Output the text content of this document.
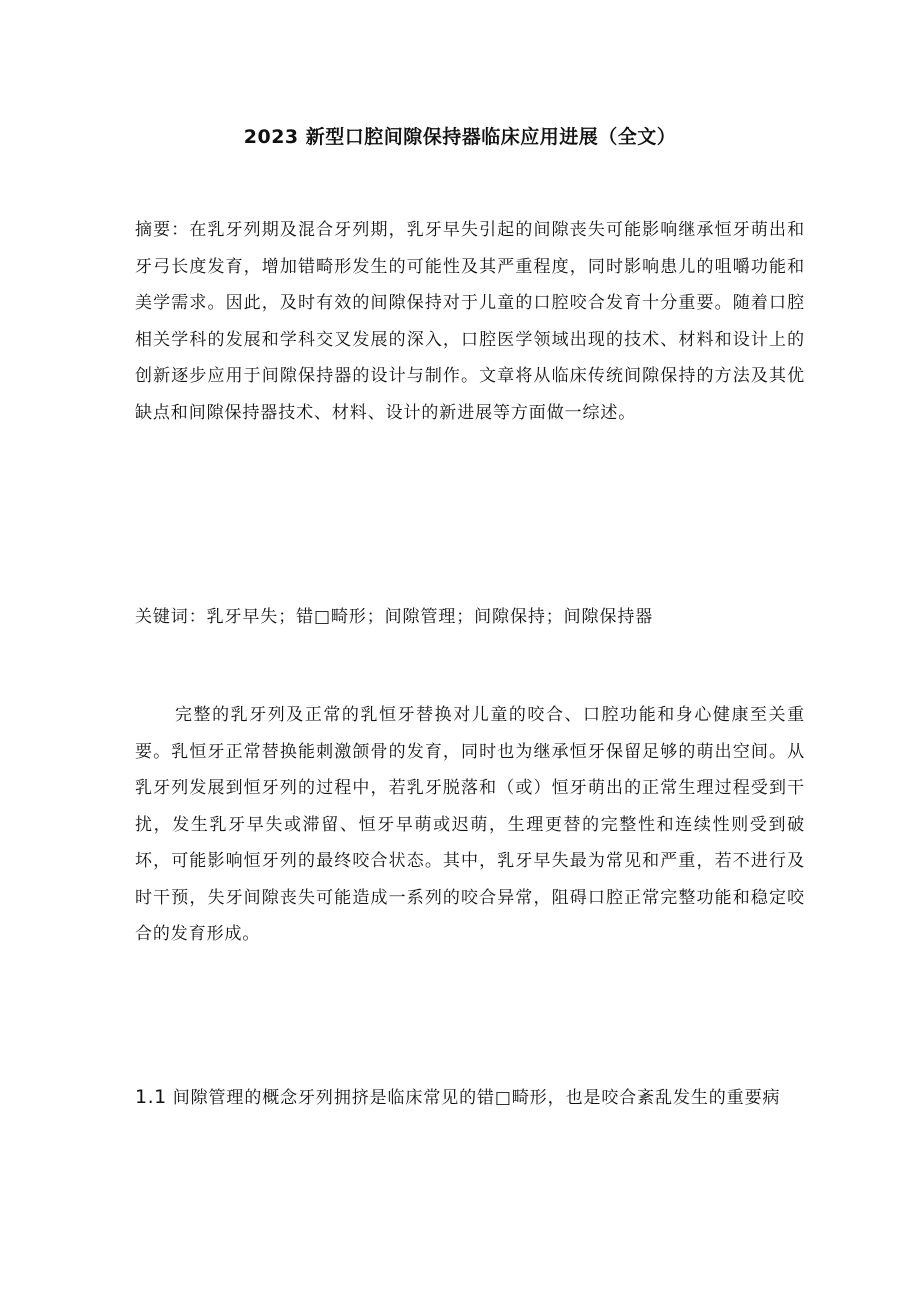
2023 新型口腔间隙保持器临床应用进展（全文）
摘要：在乳牙列期及混合牙列期，乳牙早失引起的间隙丧失可能影响继承恒牙萌出和牙弓长度发育，增加错畸形发生的可能性及其严重程度，同时影响患儿的咀嚼功能和美学需求。因此，及时有效的间隙保持对于儿童的口腔咬合发育十分重要。随着口腔相关学科的发展和学科交叉发展的深入，口腔医学领域出现的技术、材料和设计上的创新逐步应用于间隙保持器的设计与制作。文章将从临床传统间隙保持的方法及其优缺点和间隙保持器技术、材料、设计的新进展等方面做一综述。
关键词：乳牙早失；错□畸形；间隙管理；间隙保持；间隙保持器
完整的乳牙列及正常的乳恒牙替换对儿童的咬合、口腔功能和身心健康至关重要。乳恒牙正常替换能刺激颌骨的发育，同时也为继承恒牙保留足够的萌出空间。从乳牙列发展到恒牙列的过程中，若乳牙脱落和（或）恒牙萌出的正常生理过程受到干扰，发生乳牙早失或滞留、恒牙早萌或迟萌，生理更替的完整性和连续性则受到破坏，可能影响恒牙列的最终咬合状态。其中，乳牙早失最为常见和严重，若不进行及时干预，失牙间隙丧失可能造成一系列的咬合异常，阻碍口腔正常完整功能和稳定咬合的发育形成。
1.1 间隙管理的概念牙列拥挤是临床常见的错□畸形，也是咬合紊乱发生的重要病
